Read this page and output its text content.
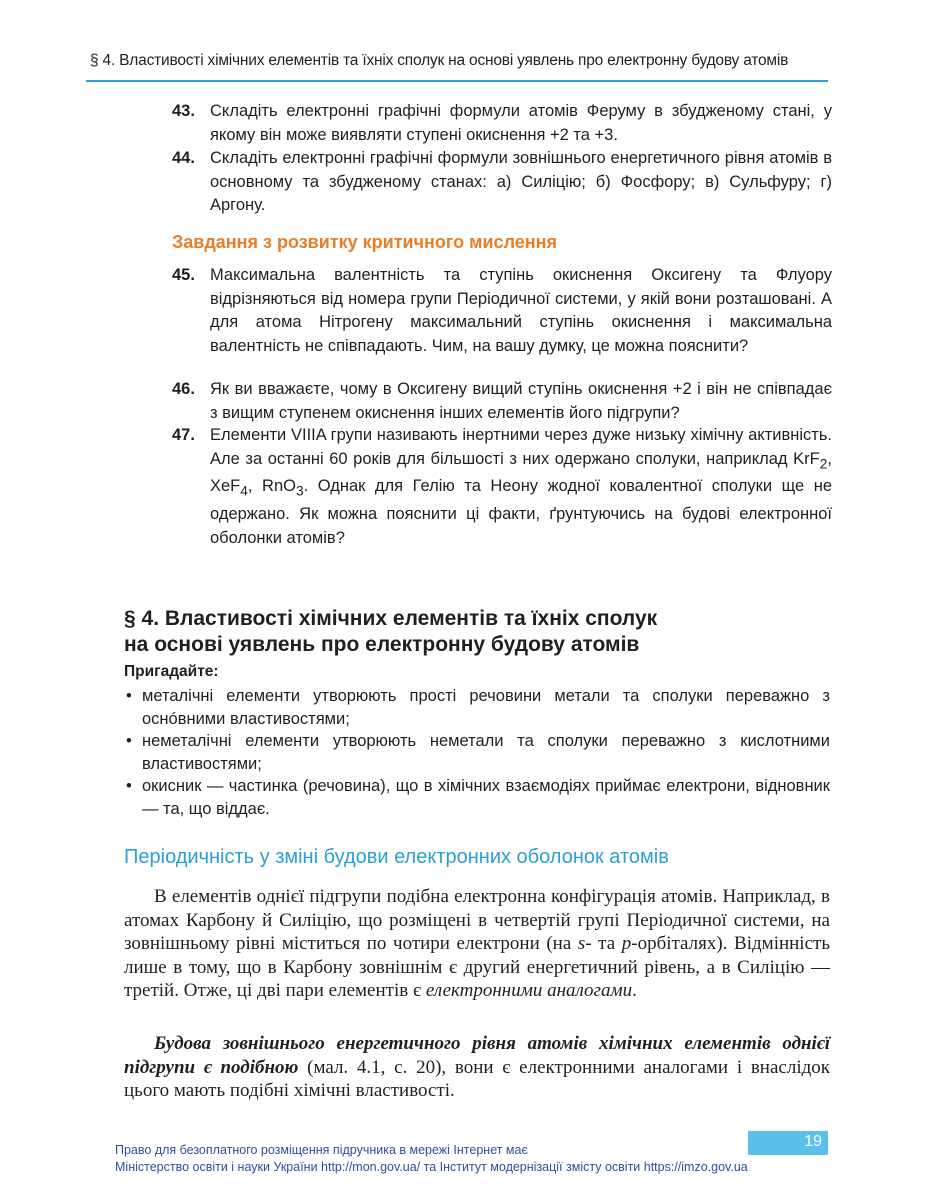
§ 4. Властивості хімічних елементів та їхніх сполук на основі уявлень про електронну будову атомів
43. Складіть електронні графічні формули атомів Феруму в збудженому стані, у якому він може виявляти ступені окиснення +2 та +3.
44. Складіть електронні графічні формули зовнішнього енергетичного рівня атомів в основному та збудженому станах: а) Силіцію; б) Фосфору; в) Сульфуру; г) Аргону.
Завдання з розвитку критичного мислення
45. Максимальна валентність та ступінь окиснення Оксигену та Флуору відрізняються від номера групи Періодичної системи, у якій вони розташовані. А для атома Нітрогену максимальний ступінь окиснення і максимальна валентність не співпадають. Чим, на вашу думку, це можна пояснити?
46. Як ви вважаєте, чому в Оксигену вищий ступінь окиснення +2 і він не співпадає з вищим ступенем окиснення інших елементів його підгрупи?
47. Елементи VIIIA групи називають інертними через дуже низьку хімічну активність. Але за останні 60 років для більшості з них одержано сполуки, наприклад KrF$_2$, XeF$_4$, RnO$_3$. Однак для Гелію та Неону жодної ковалентної сполуки ще не одержано. Як можна пояснити ці факти, ґрунтуючись на будові електронної оболонки атомів?
§ 4. Властивості хімічних елементів та їхніх сполук
на основі уявлень про електронну будову атомів
Пригадайте:
• металічні елементи утворюють прості речовини метали та сполуки переважно з оснóвними властивостями;
• неметалічні елементи утворюють неметали та сполуки переважно з кислотними властивостями;
• окисник — частинка (речовина), що в хімічних взаємодіях приймає електрони, відновник — та, що віддає.
Періодичність у зміні будови електронних оболонок атомів

В елементів однієї підгрупи подібна електронна конфігурація атомів. Наприклад, в атомах Карбону й Силіцію, що розміщені в четвертій групі Періодичної системи, на зовнішньому рівні міститься по чотири електрони (на s- та p-орбіталях). Відмінність лише в тому, що в Карбону зовнішнім є другий енергетичний рівень, а в Силіцію — третій. Отже, ці дві пари елементів є електронними аналогами.

Будова зовнішнього енергетичного рівня атомів хімічних елементів однієї підгрупи є подібною (мал. 4.1, с. 20), вони є електронними аналогами і внаслідок цього мають подібні хімічні властивості.

Право для безоплатного розміщення підручника в мережі Інтернет має
Міністерство освіти і науки України http://mon.gov.ua/ та Інститут модернізації змісту освіти https://imzo.gov.ua
19
